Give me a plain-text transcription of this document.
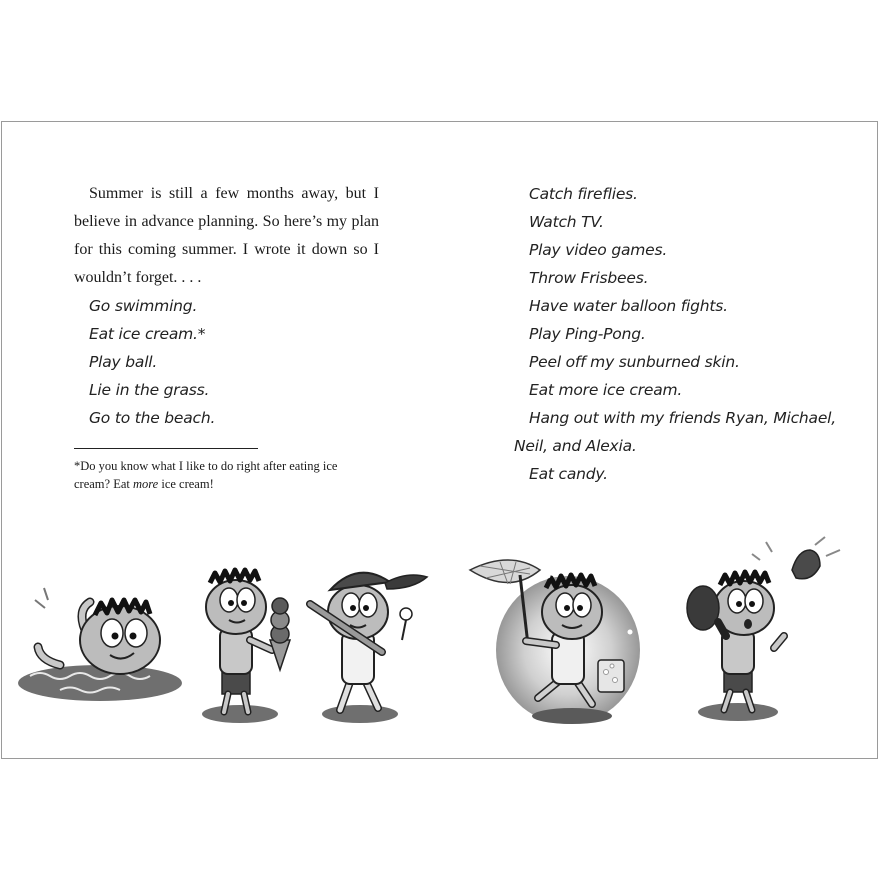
Summer is still a few months away, but I believe in advance planning. So here’s my plan for this coming summer. I wrote it down so I wouldn’t forget. . . .

Go swimming.
Eat ice cream.*
Play ball.
Lie in the grass.
Go to the beach.
*Do you know what I like to do right after eating ice cream? Eat more ice cream!
Catch fireflies.
Watch TV.
Play video games.
Throw Frisbees.
Have water balloon fights.
Play Ping-Pong.
Peel off my sunburned skin.
Eat more ice cream.
Hang out with my friends Ryan, Michael,
Neil, and Alexia.
Eat candy.
